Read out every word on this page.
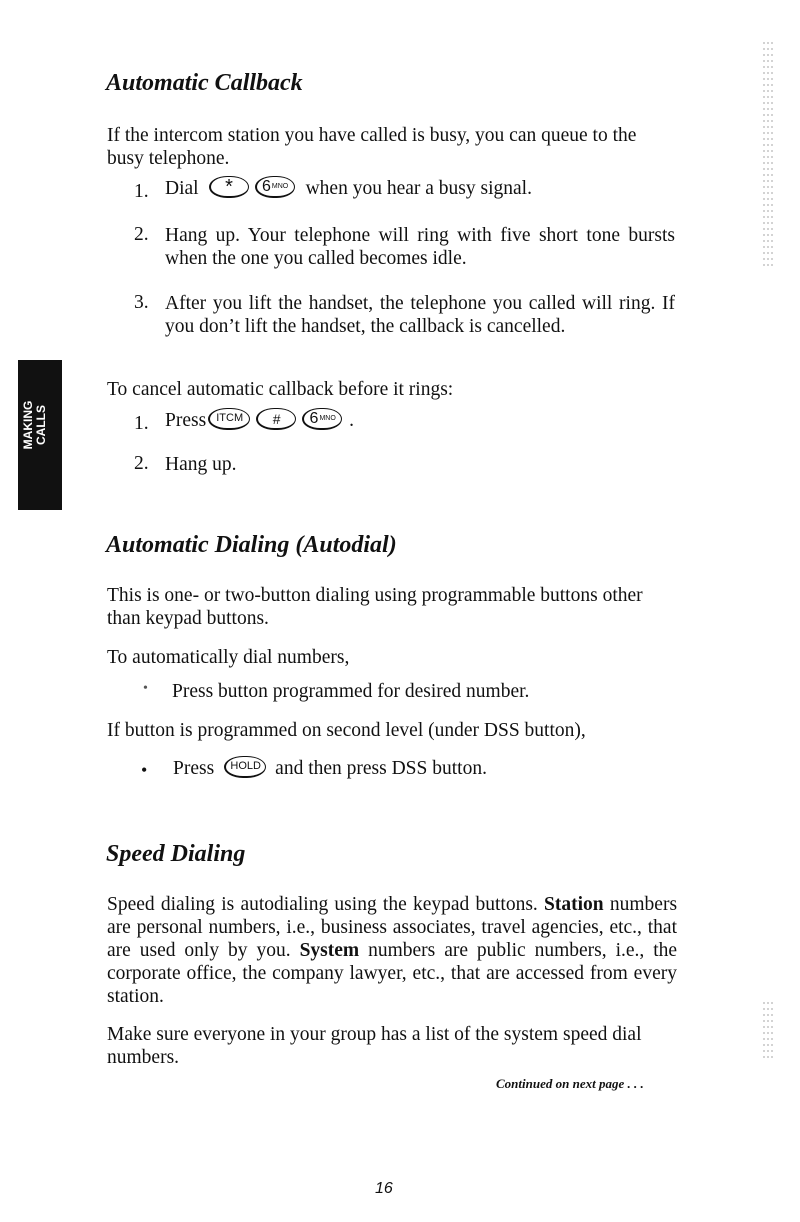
MAKING CALLS
Automatic Callback
If the intercom station you have called is busy, you can queue to the busy telephone.
1. Dial * 6 MNO when you hear a busy signal.
2. Hang up. Your telephone will ring with five short tone bursts when the one you called becomes idle.
3. After you lift the handset, the telephone you called will ring. If you don’t lift the handset, the callback is cancelled.
To cancel automatic callback before it rings:
1. Press ITCM # 6 MNO .
2. Hang up.
Automatic Dialing (Autodial)
This is one- or two-button dialing using programmable buttons other than keypad buttons.
To automatically dial numbers,
• Press button programmed for desired number.
If button is programmed on second level (under DSS button),
• Press HOLD and then press DSS button.
Speed Dialing
Speed dialing is autodialing using the keypad buttons. Station numbers are personal numbers, i.e., business associates, travel agencies, etc., that are used only by you. System numbers are public numbers, i.e., the corporate office, the company lawyer, etc., that are accessed from every station.
Make sure everyone in your group has a list of the system speed dial numbers.
Continued on next page . . .
16
